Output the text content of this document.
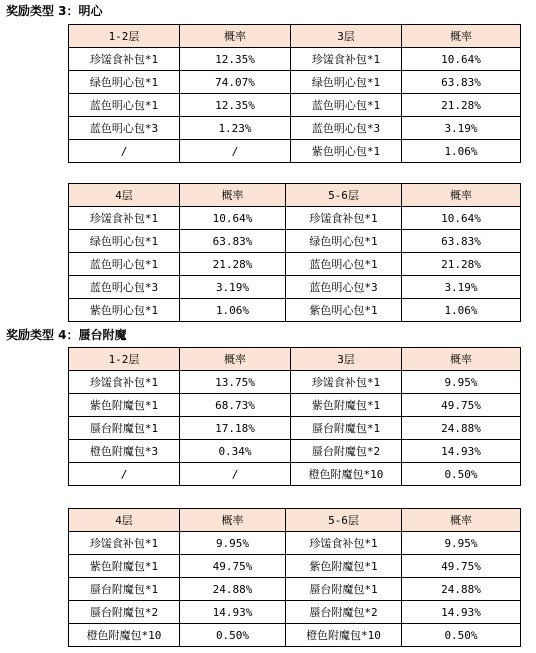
奖励类型 3：明心
1-2层	概率	3层	概率
珍馐食补包*1	12.35%	珍馐食补包*1	10.64%
绿色明心包*1	74.07%	绿色明心包*1	63.83%
蓝色明心包*1	12.35%	蓝色明心包*1	21.28%
蓝色明心包*3	1.23%	蓝色明心包*3	3.19%
/	/	紫色明心包*1	1.06%
4层	概率	5-6层	概率
珍馐食补包*1	10.64%	珍馐食补包*1	10.64%
绿色明心包*1	63.83%	绿色明心包*1	63.83%
蓝色明心包*1	21.28%	蓝色明心包*1	21.28%
蓝色明心包*3	3.19%	蓝色明心包*3	3.19%
紫色明心包*1	1.06%	紫色明心包*1	1.06%
奖励类型 4：蜃台附魔
1-2层	概率	3层	概率
珍馐食补包*1	13.75%	珍馐食补包*1	9.95%
紫色附魔包*1	68.73%	紫色附魔包*1	49.75%
蜃台附魔包*1	17.18%	蜃台附魔包*1	24.88%
橙色附魔包*3	0.34%	蜃台附魔包*2	14.93%
/	/	橙色附魔包*10	0.50%
4层	概率	5-6层	概率
珍馐食补包*1	9.95%	珍馐食补包*1	9.95%
紫色附魔包*1	49.75%	紫色附魔包*1	49.75%
蜃台附魔包*1	24.88%	蜃台附魔包*1	24.88%
蜃台附魔包*2	14.93%	蜃台附魔包*2	14.93%
橙色附魔包*10	0.50%	橙色附魔包*10	0.50%
